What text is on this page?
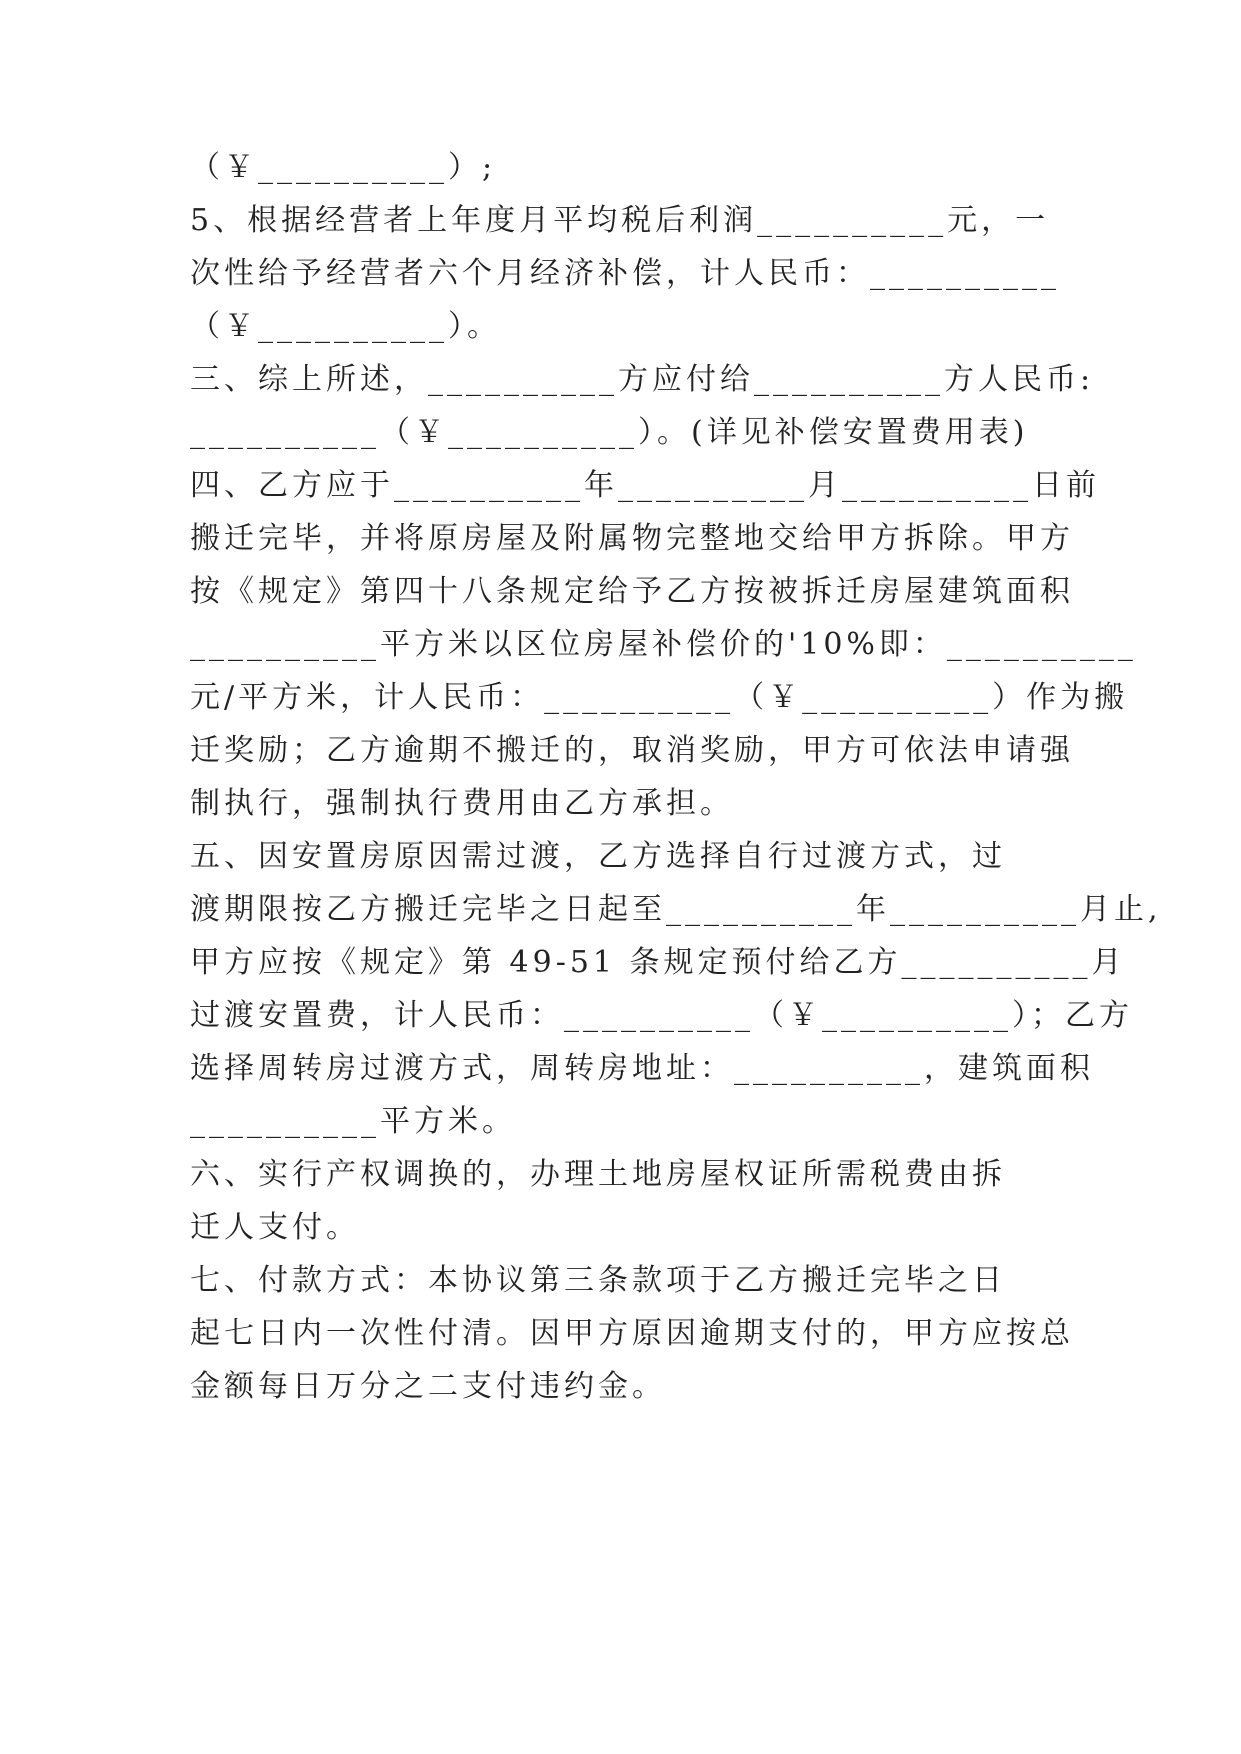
（￥__________）;
5、根据经营者上年度月平均税后利润__________元，一
次性给予经营者六个月经济补偿，计人民币：__________
（￥__________）。
三、综上所述，__________方应付给__________方人民币:
__________（￥__________）。(详见补偿安置费用表)
四、乙方应于__________年__________月__________日前
搬迁完毕，并将原房屋及附属物完整地交给甲方拆除。甲方
按《规定》第四十八条规定给予乙方按被拆迁房屋建筑面积
__________平方米以区位房屋补偿价的'10%即：__________
元/平方米，计人民币：__________（￥__________）作为搬
迁奖励；乙方逾期不搬迁的，取消奖励，甲方可依法申请强
制执行，强制执行费用由乙方承担。
五、因安置房原因需过渡，乙方选择自行过渡方式，过
渡期限按乙方搬迁完毕之日起至__________年__________月止,
甲方应按《规定》第 49-51 条规定预付给乙方__________月
过渡安置费，计人民币：__________（￥__________）；乙方
选择周转房过渡方式，周转房地址：__________，建筑面积
__________平方米。
六、实行产权调换的，办理土地房屋权证所需税费由拆
迁人支付。
七、付款方式：本协议第三条款项于乙方搬迁完毕之日
起七日内一次性付清。因甲方原因逾期支付的，甲方应按总
金额每日万分之二支付违约金。
